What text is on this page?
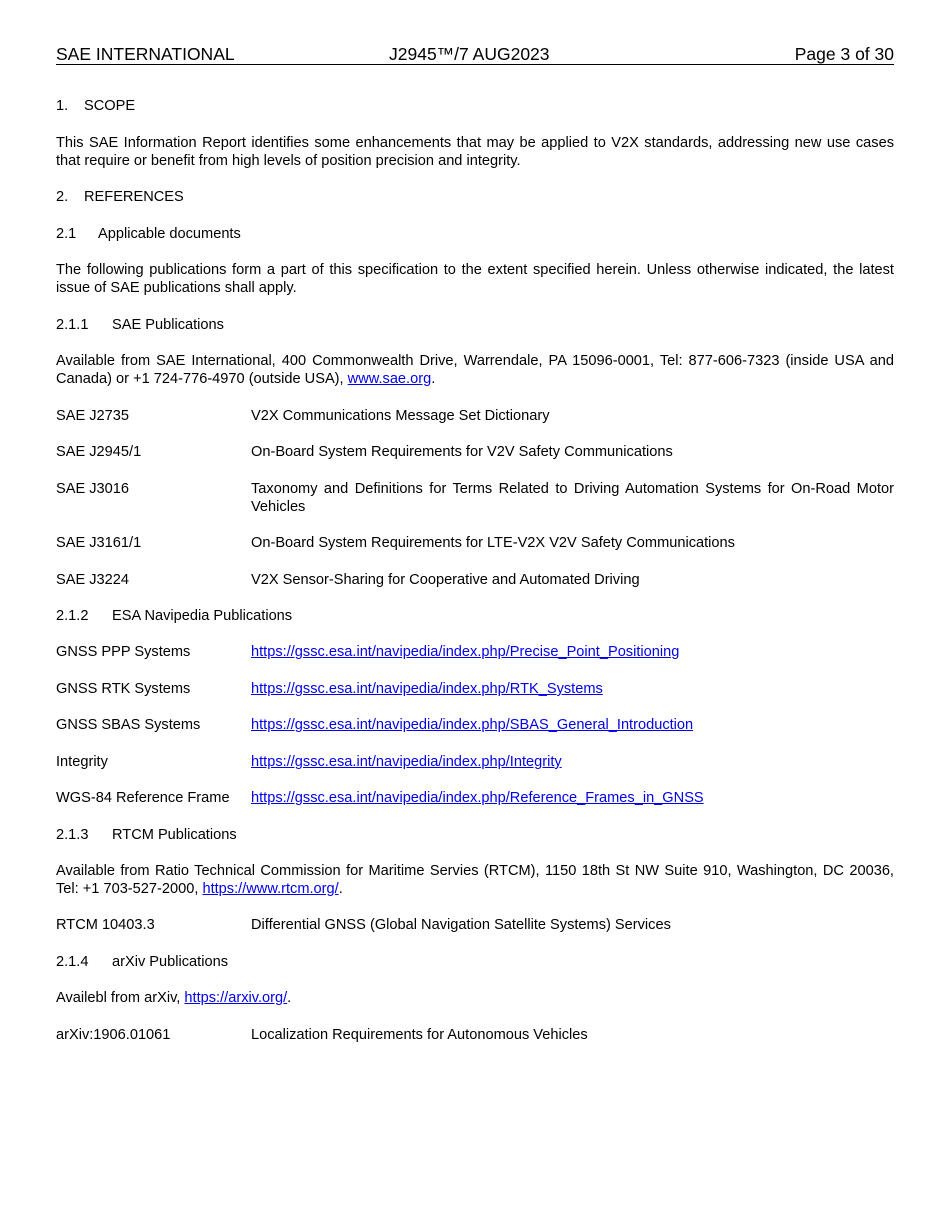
SAE INTERNATIONAL	J2945™/7 AUG2023	Page 3 of 30
1. SCOPE
This SAE Information Report identifies some enhancements that may be applied to V2X standards, addressing new use cases that require or benefit from high levels of position precision and integrity.
2. REFERENCES
2.1 Applicable documents
The following publications form a part of this specification to the extent specified herein. Unless otherwise indicated, the latest issue of SAE publications shall apply.
2.1.1 SAE Publications
Available from SAE International, 400 Commonwealth Drive, Warrendale, PA 15096-0001, Tel: 877-606-7323 (inside USA and Canada) or +1 724-776-4970 (outside USA), www.sae.org.
SAE J2735	V2X Communications Message Set Dictionary
SAE J2945/1	On-Board System Requirements for V2V Safety Communications
SAE J3016	Taxonomy and Definitions for Terms Related to Driving Automation Systems for On-Road Motor Vehicles
SAE J3161/1	On-Board System Requirements for LTE-V2X V2V Safety Communications
SAE J3224	V2X Sensor-Sharing for Cooperative and Automated Driving
2.1.2 ESA Navipedia Publications
GNSS PPP Systems	https://gssc.esa.int/navipedia/index.php/Precise_Point_Positioning
GNSS RTK Systems	https://gssc.esa.int/navipedia/index.php/RTK_Systems
GNSS SBAS Systems	https://gssc.esa.int/navipedia/index.php/SBAS_General_Introduction
Integrity	https://gssc.esa.int/navipedia/index.php/Integrity
WGS-84 Reference Frame https://gssc.esa.int/navipedia/index.php/Reference_Frames_in_GNSS
2.1.3 RTCM Publications
Available from Ratio Technical Commission for Maritime Servies (RTCM), 1150 18th St NW Suite 910, Washington, DC 20036, Tel: +1 703-527-2000, https://www.rtcm.org/.
RTCM 10403.3	Differential GNSS (Global Navigation Satellite Systems) Services
2.1.4 arXiv Publications
Availebl from arXiv, https://arxiv.org/.
arXiv:1906.01061	Localization Requirements for Autonomous Vehicles
